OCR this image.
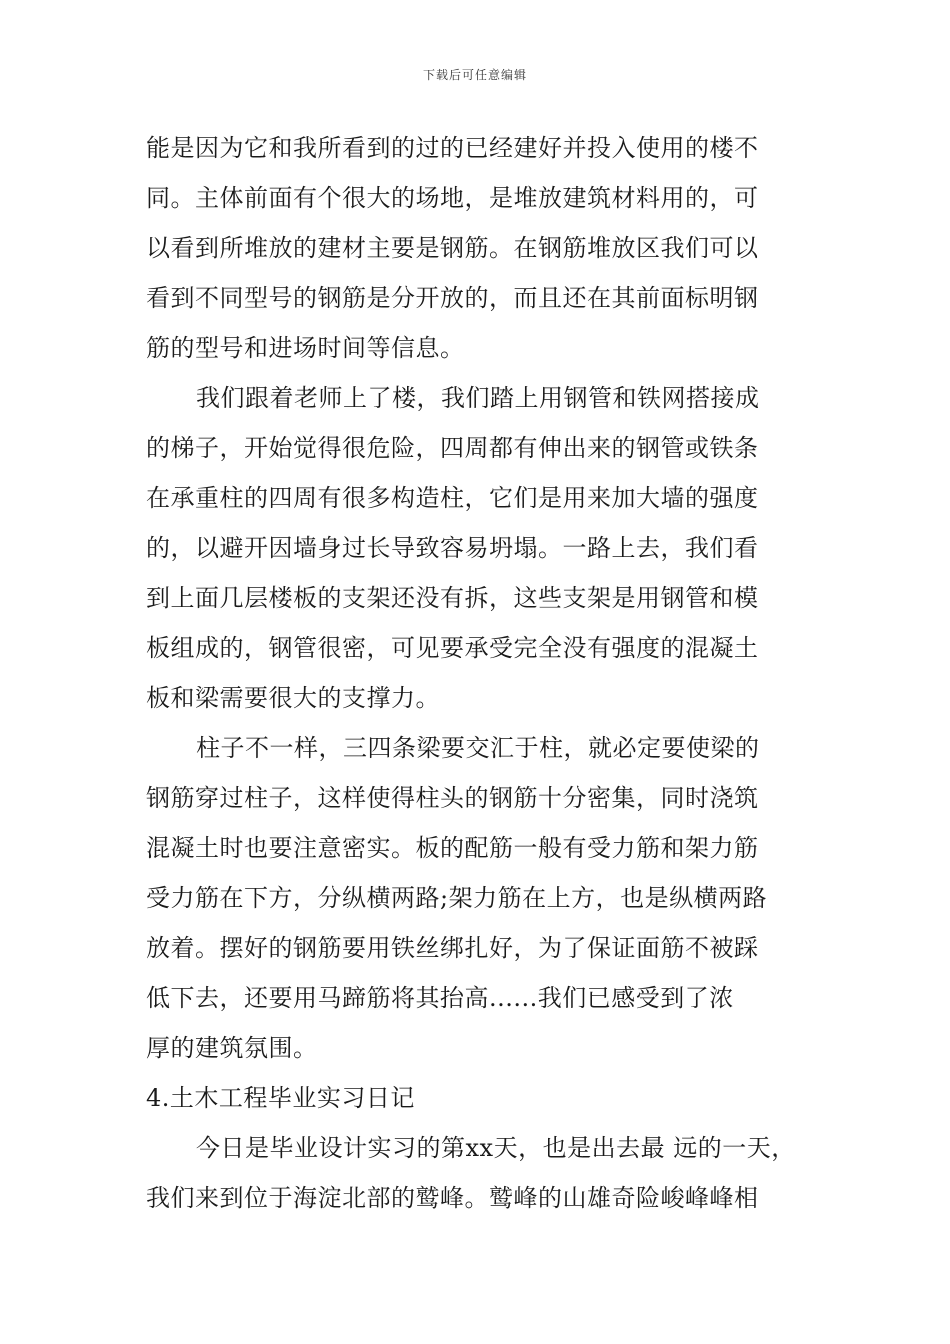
下载后可任意编辑
能是因为它和我所看到的过的已经建好并投入使用的楼不
同。主体前面有个很大的场地，是堆放建筑材料用的，可
以看到所堆放的建材主要是钢筋。在钢筋堆放区我们可以
看到不同型号的钢筋是分开放的，而且还在其前面标明钢
筋的型号和进场时间等信息。
我们跟着老师上了楼，我们踏上用钢管和铁网搭接成
的梯子，开始觉得很危险，四周都有伸出来的钢管或铁条
在承重柱的四周有很多构造柱，它们是用来加大墙的强度
的，以避开因墙身过长导致容易坍塌。一路上去，我们看
到上面几层楼板的支架还没有拆，这些支架是用钢管和模
板组成的，钢管很密，可见要承受完全没有强度的混凝土
板和梁需要很大的支撑力。
柱子不一样，三四条梁要交汇于柱，就必定要使梁的
钢筋穿过柱子，这样使得柱头的钢筋十分密集，同时浇筑
混凝土时也要注意密实。板的配筋一般有受力筋和架力筋
受力筋在下方，分纵横两路;架力筋在上方，也是纵横两路
放着。摆好的钢筋要用铁丝绑扎好，为了保证面筋不被踩
低下去，还要用马蹄筋将其抬高......我们已感受到了浓
厚的建筑氛围。
4.土木工程毕业实习日记
今日是毕业设计实习的第xx天，也是出去最 远的一天，
我们来到位于海淀北部的鹫峰。鹫峰的山雄奇险峻峰峰相
